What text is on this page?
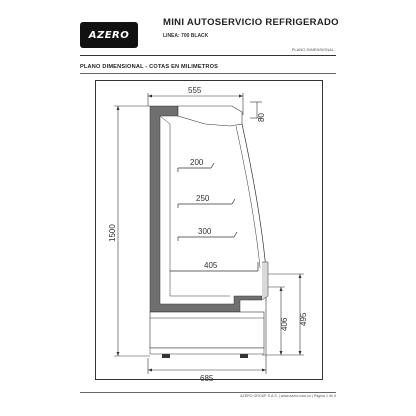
AZERO
MINI AUTOSERVICIO REFRIGERADO
LINEA: 700 BLACK
PLANO DIMENSIONAL
PLANO DIMENSIONAL - COTAS EN MILIMETROS
555
80
1500
200
250
300
405
406 495
685
AZERO GROUP S.A.S. | www.azero.com.co | Pagina 1 de 5
